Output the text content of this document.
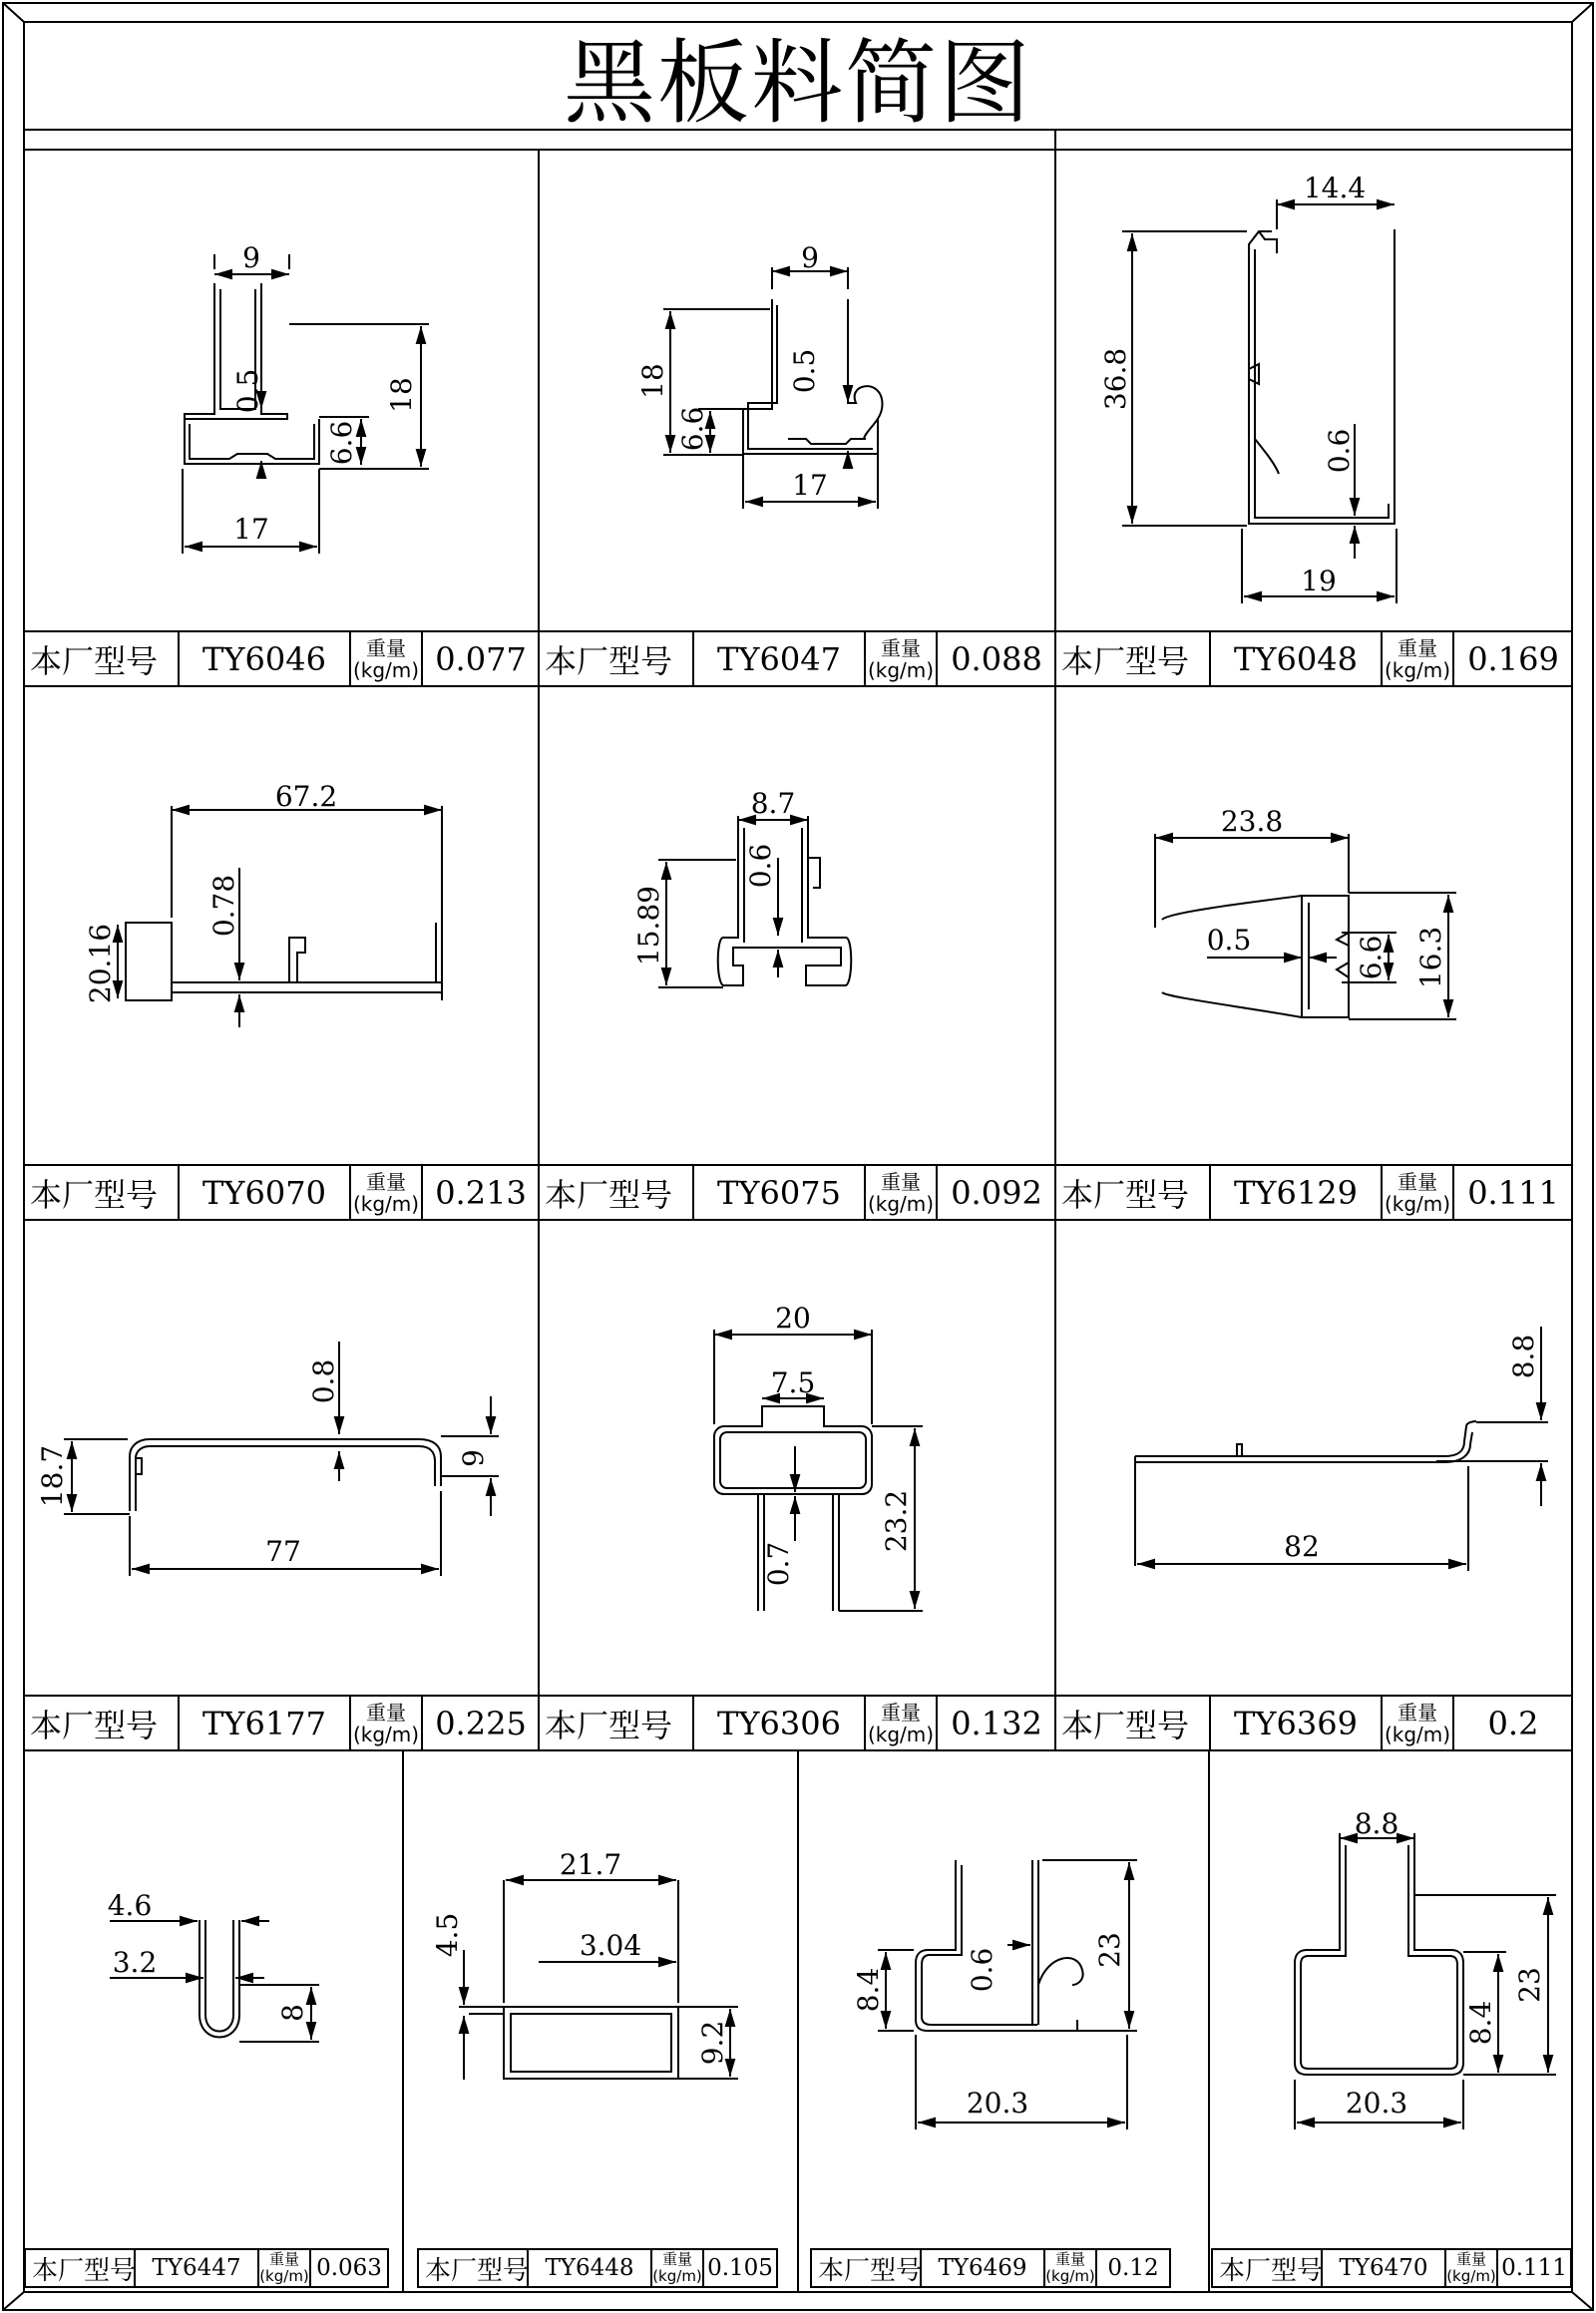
黑板料简图
9
0.5	18
6.6
17
9
18
6.6
0.5
17
14.4
36.8
0.6
19
67.2
0.78
20.16
8.7
0.6
15.89
23.8
0.5	6.6 16.3
0.8
18.7	9
77
20
7.5
23.2
0.7
8.8
82
4.6
3.2
8
21.7
4.5	3.04
9.2
8.4	0.6	23
20.3
8.8
23
8.4
20.3
本厂型号	TY6046	重量
(kg/m) 0.077 本厂型号	TY6047	重量
(kg/m) 0.088 本厂型号	TY6048	重量
(kg/m) 0.169
本厂型号	TY6070	重量
(kg/m) 0.213 本厂型号	TY6075	重量
(kg/m) 0.092 本厂型号	TY6129	重量
(kg/m) 0.111
本厂型号	TY6177	重量
(kg/m) 0.225 本厂型号	TY6306	重量
(kg/m) 0.132 本厂型号	TY6369	重量
(kg/m)	0.2
本厂型号 TY6447	重量
(kg/m) 0.063 本厂型号 TY6448	重量
(kg/m) 0.105 本厂型号 TY6469	重量
(kg/m) 0.12	本厂型号 TY6470	重量
(kg/m) 0.111
